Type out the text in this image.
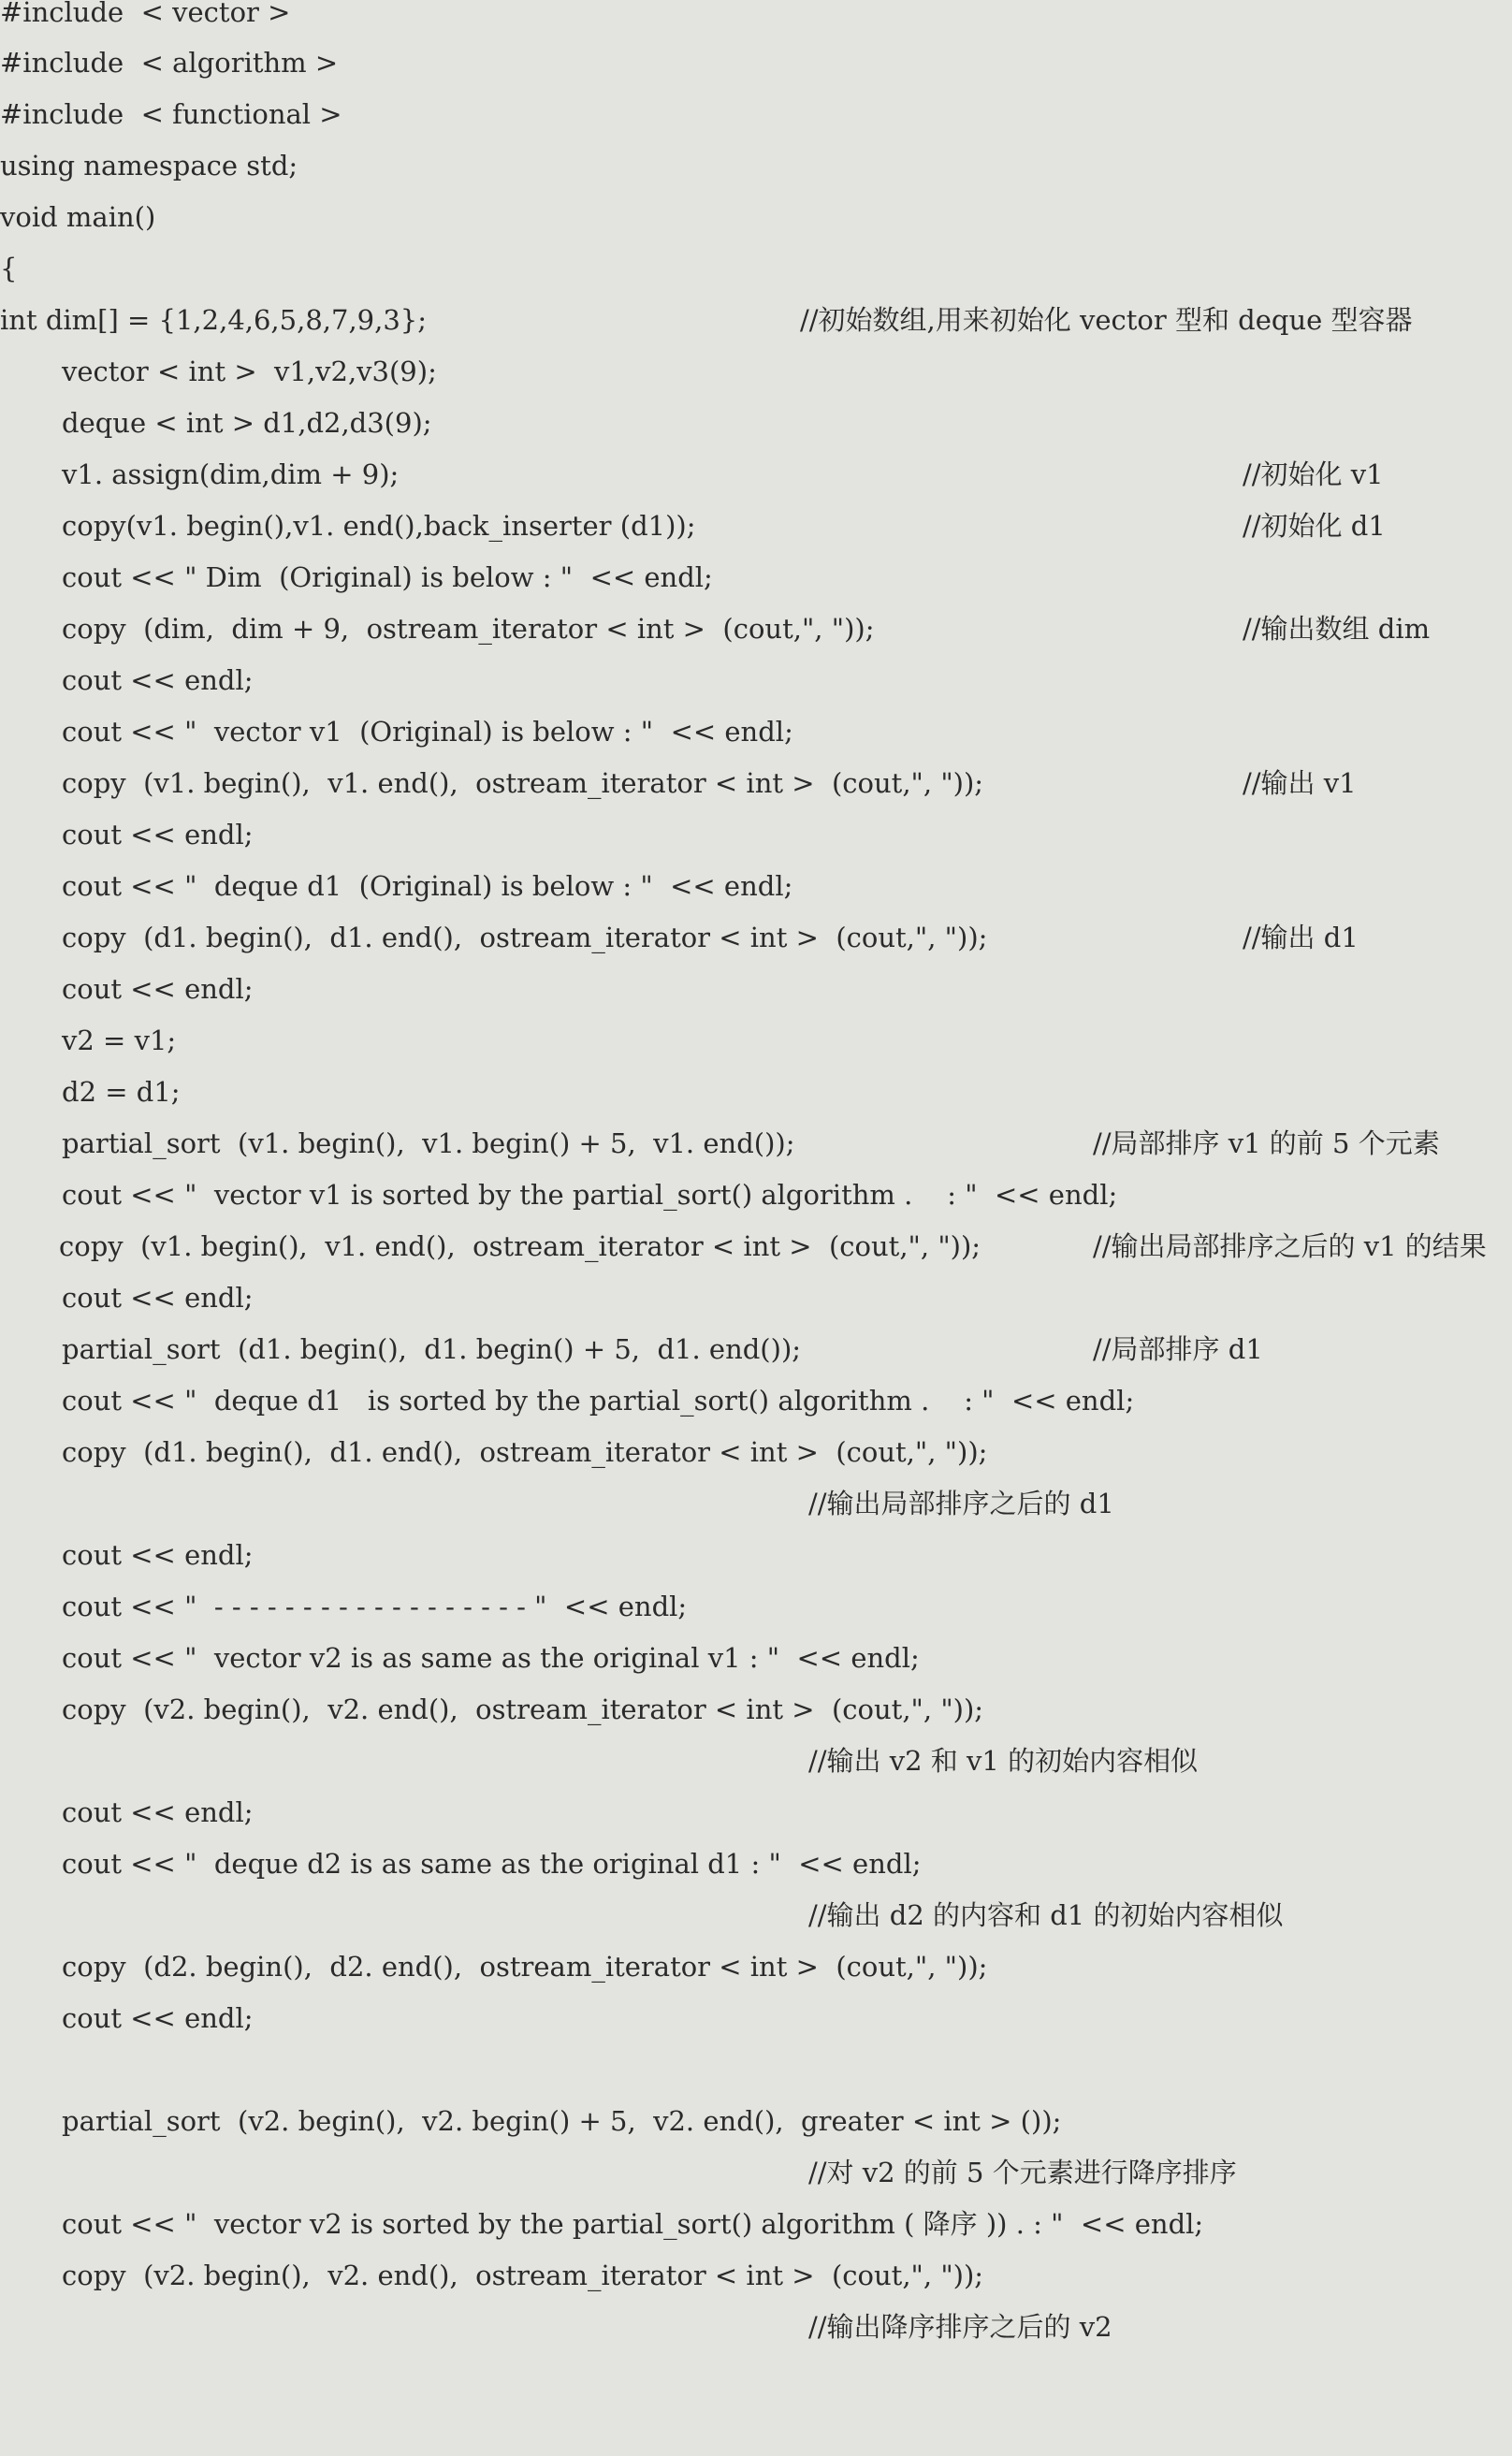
#include  < vector >

#include  < algorithm >

#include  < functional >

using namespace std;

void main()

{

int dim[] = {1,2,4,6,5,8,7,9,3};

	//初始数组,用来初始化 vector 型和 deque 型容器

vector < int >  v1,v2,v3(9);

deque < int > d1,d2,d3(9);

v1. assign(dim,dim + 9);

	//初始化 v1

copy(v1. begin(),v1. end(),back_inserter (d1));

	//初始化 d1

cout << " Dim  (Original) is below : "  << endl;

copy  (dim,  dim + 9,  ostream_iterator < int >  (cout,", "));

	//输出数组 dim

cout << endl;

cout << "  vector v1  (Original) is below : "  << endl;

copy  (v1. begin(),  v1. end(),  ostream_iterator < int >  (cout,", "));

	//输出 v1

cout << endl;

cout << "  deque d1  (Original) is below : "  << endl;

copy  (d1. begin(),  d1. end(),  ostream_iterator < int >  (cout,", "));

	//输出 d1

cout << endl;

v2 = v1;

d2 = d1;

partial_sort  (v1. begin(),  v1. begin() + 5,  v1. end());

	//局部排序 v1 的前 5 个元素

cout << "  vector v1 is sorted by the partial_sort() algorithm .    : "  << endl;

copy  (v1. begin(),  v1. end(),  ostream_iterator < int >  (cout,", "));

	//输出局部排序之后的 v1 的结果

cout << endl;

partial_sort  (d1. begin(),  d1. begin() + 5,  d1. end());

	//局部排序 d1

cout << "  deque d1   is sorted by the partial_sort() algorithm .    : "  << endl;

copy  (d1. begin(),  d1. end(),  ostream_iterator < int >  (cout,", "));

//输出局部排序之后的 d1

cout << endl;

cout << "  - - - - - - - - - - - - - - - - - - "  << endl;

cout << "  vector v2 is as same as the original v1 : "  << endl;

copy  (v2. begin(),  v2. end(),  ostream_iterator < int >  (cout,", "));

//输出 v2 和 v1 的初始内容相似

cout << endl;

cout << "  deque d2 is as same as the original d1 : "  << endl;

//输出 d2 的内容和 d1 的初始内容相似

copy  (d2. begin(),  d2. end(),  ostream_iterator < int >  (cout,", "));

cout << endl;

partial_sort  (v2. begin(),  v2. begin() + 5,  v2. end(),  greater < int > ());

//对 v2 的前 5 个元素进行降序排序

cout << "  vector v2 is sorted by the partial_sort() algorithm ( 降序 )) . : "  << endl;

copy  (v2. begin(),  v2. end(),  ostream_iterator < int >  (cout,", "));

//输出降序排序之后的 v2
